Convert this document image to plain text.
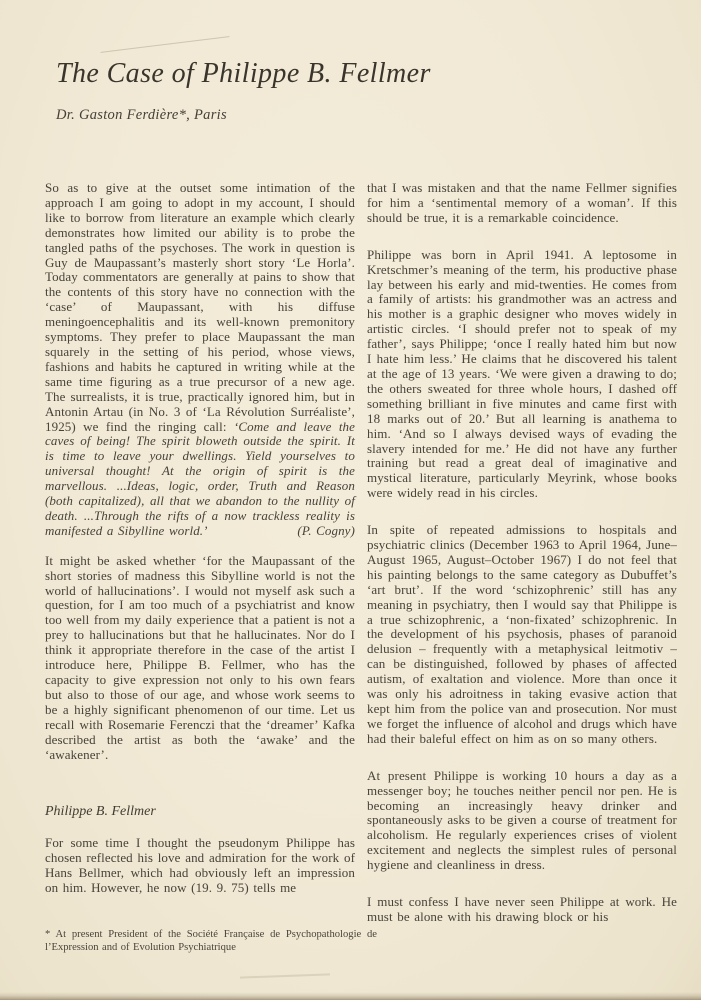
The Case of Philippe B. Fellmer

Dr. Gaston Ferdière*, Paris

So as to give at the outset some intimation of the approach I am going to adopt in my account, I should like to borrow from literature an example which clearly demonstrates how limited our ability is to probe the tangled paths of the psychoses. The work in question is Guy de Maupassant’s masterly short story ‘Le Horla’. Today commentators are generally at pains to show that the contents of this story have no connection with the ‘case’ of Maupassant, with his diffuse meningoencephalitis and its well-known premonitory symptoms. They prefer to place Maupassant the man squarely in the setting of his period, whose views, fashions and habits he captured in writing while at the same time figuring as a true precursor of a new age. The surrealists, it is true, practically ignored him, but in Antonin Artau (in No. 3 of ‘La Révolution Surréaliste’, 1925) we find the ringing call: ‘Come and leave the caves of being! The spirit bloweth outside the spirit. It is time to leave your dwellings. Yield yourselves to universal thought! At the origin of spirit is the marvellous. ...Ideas, logic, order, Truth and Reason (both capitalized), all that we abandon to the nullity of death. ...Through the rifts of a now trackless reality is manifested a Sibylline world.’	(P. Cogny)

It might be asked whether ‘for the Maupassant of the short stories of madness this Sibylline world is not the world of hallucinations’. I would not myself ask such a question, for I am too much of a psychiatrist and know too well from my daily experience that a patient is not a prey to hallucinations but that he hallucinates. Nor do I think it appropriate therefore in the case of the artist I introduce here, Philippe B. Fellmer, who has the capacity to give expression not only to his own fears but also to those of our age, and whose work seems to be a highly significant phenomenon of our time. Let us recall with Rosemarie Ferenczi that the ‘dreamer’ Kafka described the artist as both the ‘awake’ and the ‘awakener’.

Philippe B. Fellmer

For some time I thought the pseudonym Philippe has chosen reflected his love and admiration for the work of Hans Bellmer, which had obviously left an impression on him. However, he now (19. 9. 75) tells me

* At present President of the Société Française de Psychopathologie de l’Expression and of Evolution Psychiatrique

that I was mistaken and that the name Fellmer signifies for him a ‘sentimental memory of a woman’. If this should be true, it is a remarkable coincidence.

Philippe was born in April 1941. A leptosome in Kretschmer’s meaning of the term, his productive phase lay between his early and mid-twenties. He comes from a family of artists: his grandmother was an actress and his mother is a graphic designer who moves widely in artistic circles. ‘I should prefer not to speak of my father’, says Philippe; ‘once I really hated him but now I hate him less.’ He claims that he discovered his talent at the age of 13 years. ‘We were given a drawing to do; the others sweated for three whole hours, I dashed off something brilliant in five minutes and came first with 18 marks out of 20.’ But all learning is anathema to him. ‘And so I always devised ways of evading the slavery intended for me.’ He did not have any further training but read a great deal of imaginative and mystical literature, particularly Meyrink, whose books were widely read in his circles.

In spite of repeated admissions to hospitals and psychiatric clinics (December 1963 to April 1964, June–August 1965, August–October 1967) I do not feel that his painting belongs to the same category as Dubuffet’s ‘art brut’. If the word ‘schizophrenic’ still has any meaning in psychiatry, then I would say that Philippe is a true schizophrenic, a ‘non-fixated’ schizophrenic. In the development of his psychosis, phases of paranoid delusion – frequently with a metaphysical leitmotiv – can be distinguished, followed by phases of affected autism, of exaltation and violence. More than once it was only his adroitness in taking evasive action that kept him from the police van and prosecution. Nor must we forget the influence of alcohol and drugs which have had their baleful effect on him as on so many others.

At present Philippe is working 10 hours a day as a messenger boy; he touches neither pencil nor pen. He is becoming an increasingly heavy drinker and spontaneously asks to be given a course of treatment for alcoholism. He regularly experiences crises of violent excitement and neglects the simplest rules of personal hygiene and cleanliness in dress.

I must confess I have never seen Philippe at work. He must be alone with his drawing block or his
